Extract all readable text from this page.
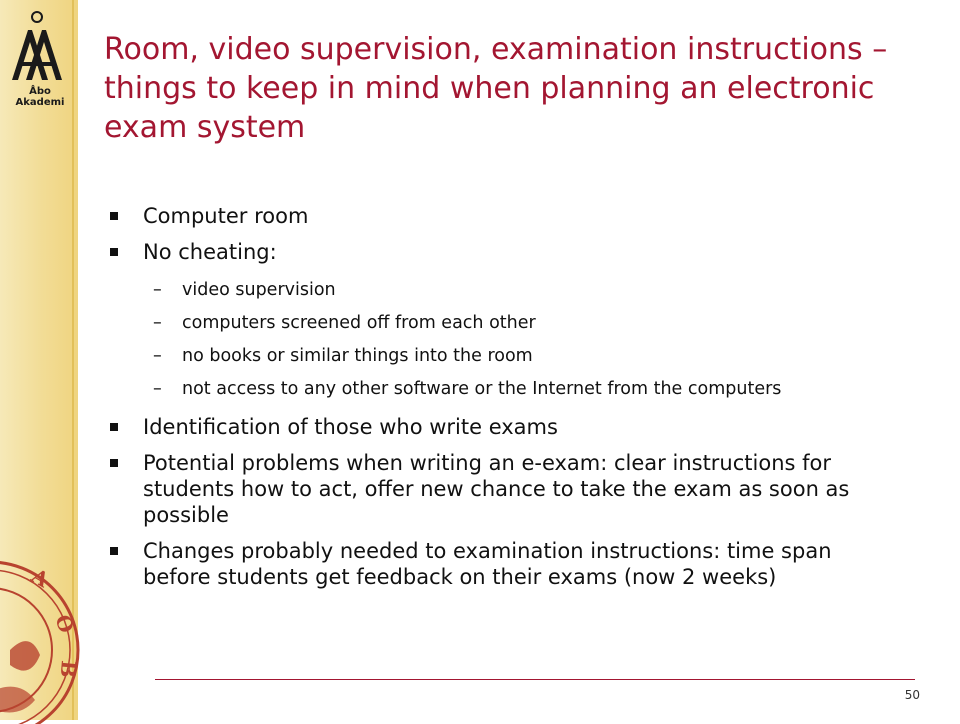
Åbo Akademi
A
O
B
Room, video supervision, examination instructions – things to keep in mind when planning an electronic exam system
Computer room
No cheating:
– video supervision
– computers screened off from each other
– no books or similar things into the room
– not access to any other software or the Internet from the computers
Identification of those who write exams
Potential problems when writing an e-exam: clear instructions for students how to act, offer new chance to take the exam as soon as possible
Changes probably needed to examination instructions: time span before students get feedback on their exams (now 2 weeks)
50
